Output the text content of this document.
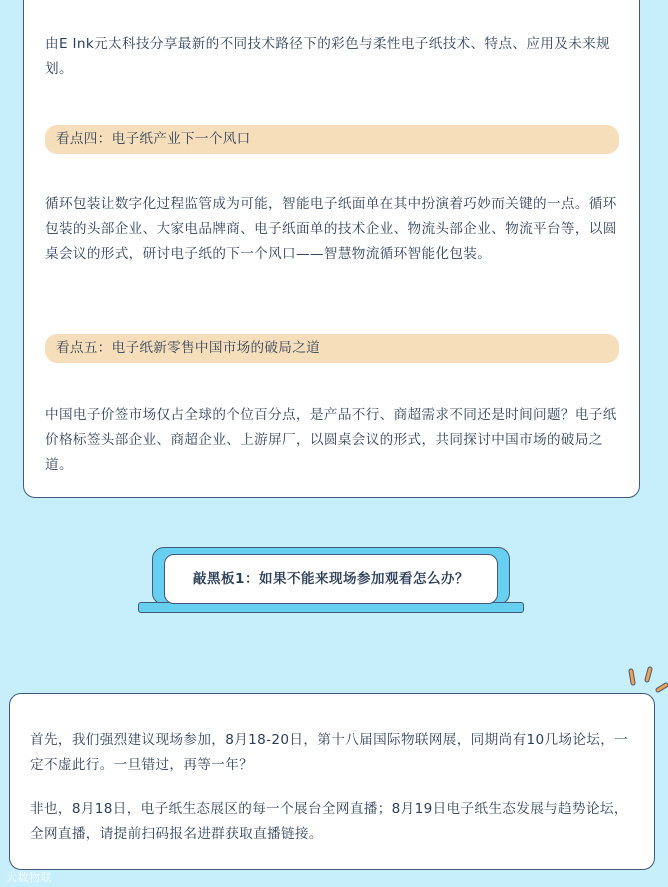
由E Ink元太科技分享最新的不同技术路径下的彩色与柔性电子纸技术、特点、应用及未来规划。

看点四：电子纸产业下一个风口

循环包装让数字化过程监管成为可能，智能电子纸面单在其中扮演着巧妙而关键的一点。循环包装的头部企业、大家电品牌商、电子纸面单的技术企业、物流头部企业、物流平台等，以圆桌会议的形式，研讨电子纸的下一个风口——智慧物流循环智能化包装。

看点五：电子纸新零售中国市场的破局之道

中国电子价签市场仅占全球的个位百分点，是产品不行、商超需求不同还是时间问题？电子纸价格标签头部企业、商超企业、上游屏厂，以圆桌会议的形式，共同探讨中国市场的破局之道。

敲黑板1：如果不能来现场参加观看怎么办？

首先，我们强烈建议现场参加，8月18-20日，第十八届国际物联网展，同期尚有10几场论坛，一定不虚此行。一旦错过，再等一年？

非也，8月18日，电子纸生态展区的每一个展台全网直播；8月19日电子纸生态发展与趋势论坛，全网直播，请提前扫码报名进群获取直播链接。

大数物联
